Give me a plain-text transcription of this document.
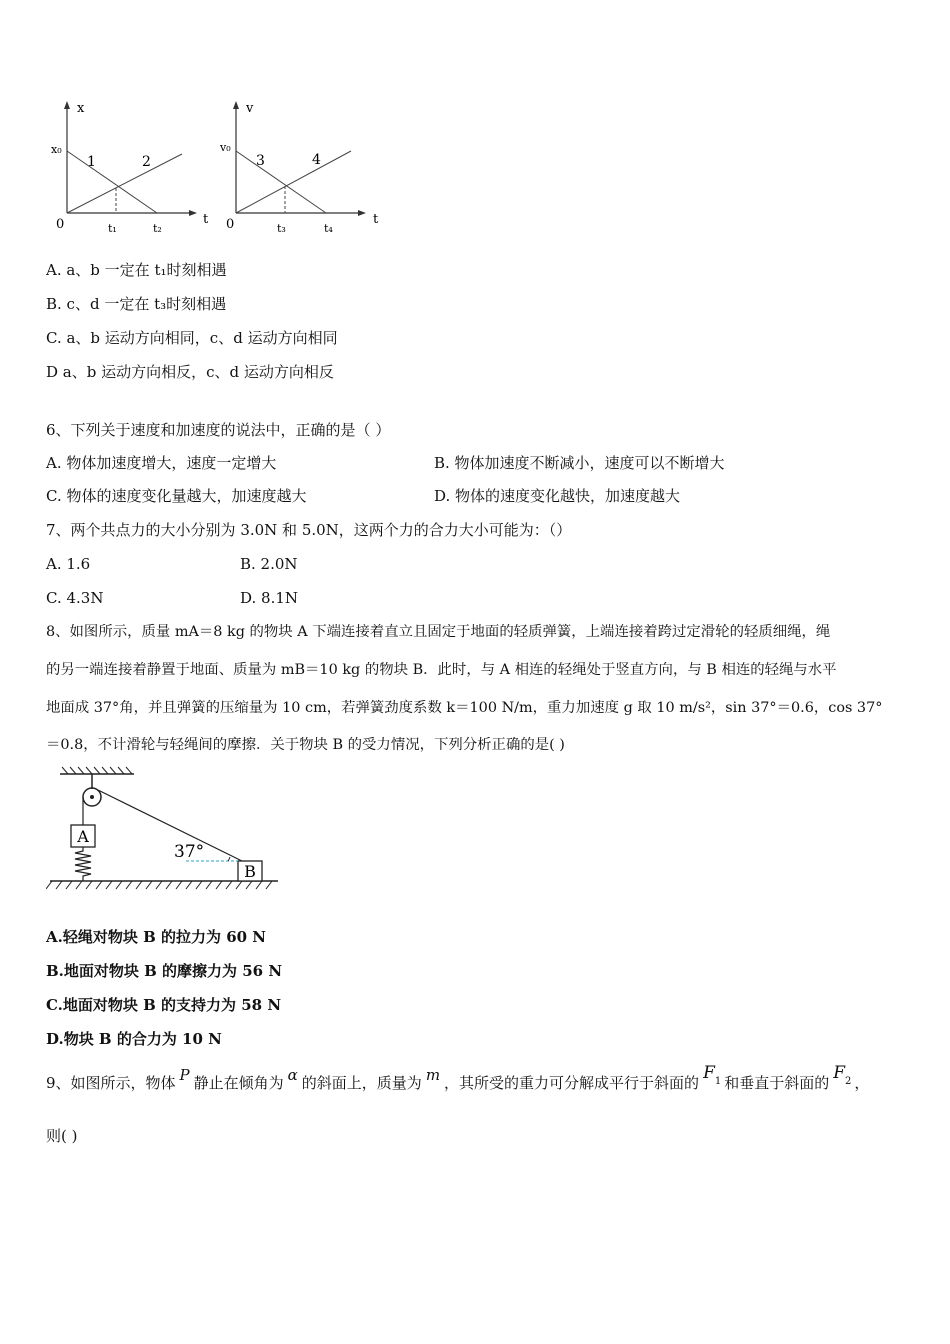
x
t
0
x₀
1	2
t₁	t₂
v
t
0
v₀
3	4
t₃	t₄
A. a、b 一定在 t₁时刻相遇
B. c、d 一定在 t₃时刻相遇
C. a、b 运动方向相同，c、d 运动方向相同
D a、b 运动方向相反，c、d 运动方向相反
6、下列关于速度和加速度的说法中，正确的是（ ）
A. 物体加速度增大，速度一定增大	B. 物体加速度不断减小，速度可以不断增大
C. 物体的速度变化量越大，加速度越大	D. 物体的速度变化越快，加速度越大
7、两个共点力的大小分别为 3.0N 和 5.0N，这两个力的合力大小可能为：（）
A. 1.6	B. 2.0N
C. 4.3N	D. 8.1N
8、如图所示，质量 mA＝8 kg 的物块 A 下端连接着直立且固定于地面的轻质弹簧，上端连接着跨过定滑轮的轻质细绳，绳
的另一端连接着静置于地面、质量为 mB＝10 kg 的物块 B．此时，与 A 相连的轻绳处于竖直方向，与 B 相连的轻绳与水平
地面成 37°角，并且弹簧的压缩量为 10 cm，若弹簧劲度系数 k＝100 N/m，重力加速度 g 取 10 m/s²，sin 37°＝0.6，cos 37°
＝0.8，不计滑轮与轻绳间的摩擦．关于物块 B 的受力情况，下列分析正确的是( )
A
B
37°
A.轻绳对物块 B 的拉力为 60 N
B.地面对物块 B 的摩擦力为 56 N
C.地面对物块 B 的支持力为 58 N
D.物块 B 的合力为 10 N
9、如图所示，物体 P 静止在倾角为 α 的斜面上，质量为 m ，其所受的重力可分解成平行于斜面的 $F^1$ 和垂直于斜面的 $F^2$ ，
则( )
